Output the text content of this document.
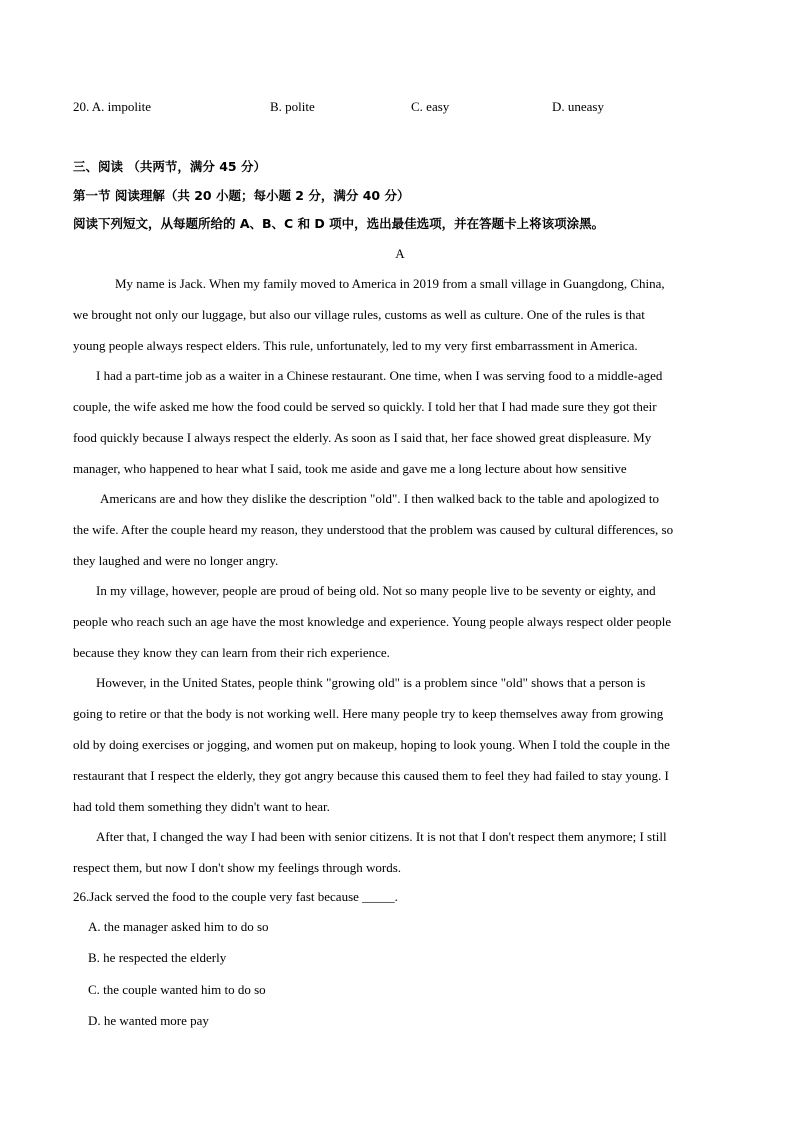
20. A. impolite	B. polite	C. easy	D. uneasy
三、阅读 （共两节，满分 45 分）
第一节 阅读理解（共 20 小题；每小题 2 分，满分 40 分）
阅读下列短文，从每题所给的 A、B、C 和 D 项中，选出最佳选项，并在答题卡上将该项涂黑。
A
My name is Jack. When my family moved to America in 2019 from a small village in Guangdong, China,
we brought not only our luggage, but also our village rules, customs as well as culture. One of the rules is that
young people always respect elders. This rule, unfortunately, led to my very first embarrassment in America.
I had a part-time job as a waiter in a Chinese restaurant. One time, when I was serving food to a middle-aged
couple, the wife asked me how the food could be served so quickly. I told her that I had made sure they got their
food quickly because I always respect the elderly. As soon as I said that, her face showed great displeasure. My
manager, who happened to hear what I said, took me aside and gave me a long lecture about how sensitive
Americans are and how they dislike the description "old". I then walked back to the table and apologized to
the wife. After the couple heard my reason, they understood that the problem was caused by cultural differences, so
they laughed and were no longer angry.
In my village, however, people are proud of being old. Not so many people live to be seventy or eighty, and
people who reach such an age have the most knowledge and experience. Young people always respect older people
because they know they can learn from their rich experience.
However, in the United States, people think "growing old" is a problem since "old" shows that a person is
going to retire or that the body is not working well. Here many people try to keep themselves away from growing
old by doing exercises or jogging, and women put on makeup, hoping to look young. When I told the couple in the
restaurant that I respect the elderly, they got angry because this caused them to feel they had failed to stay young. I
had told them something they didn't want to hear.
After that, I changed the way I had been with senior citizens. It is not that I don't respect them anymore; I still
respect them, but now I don't show my feelings through words.
26.Jack served the food to the couple very fast because _____.
A. the manager asked him to do so
B. he respected the elderly
C. the couple wanted him to do so
D. he wanted more pay
